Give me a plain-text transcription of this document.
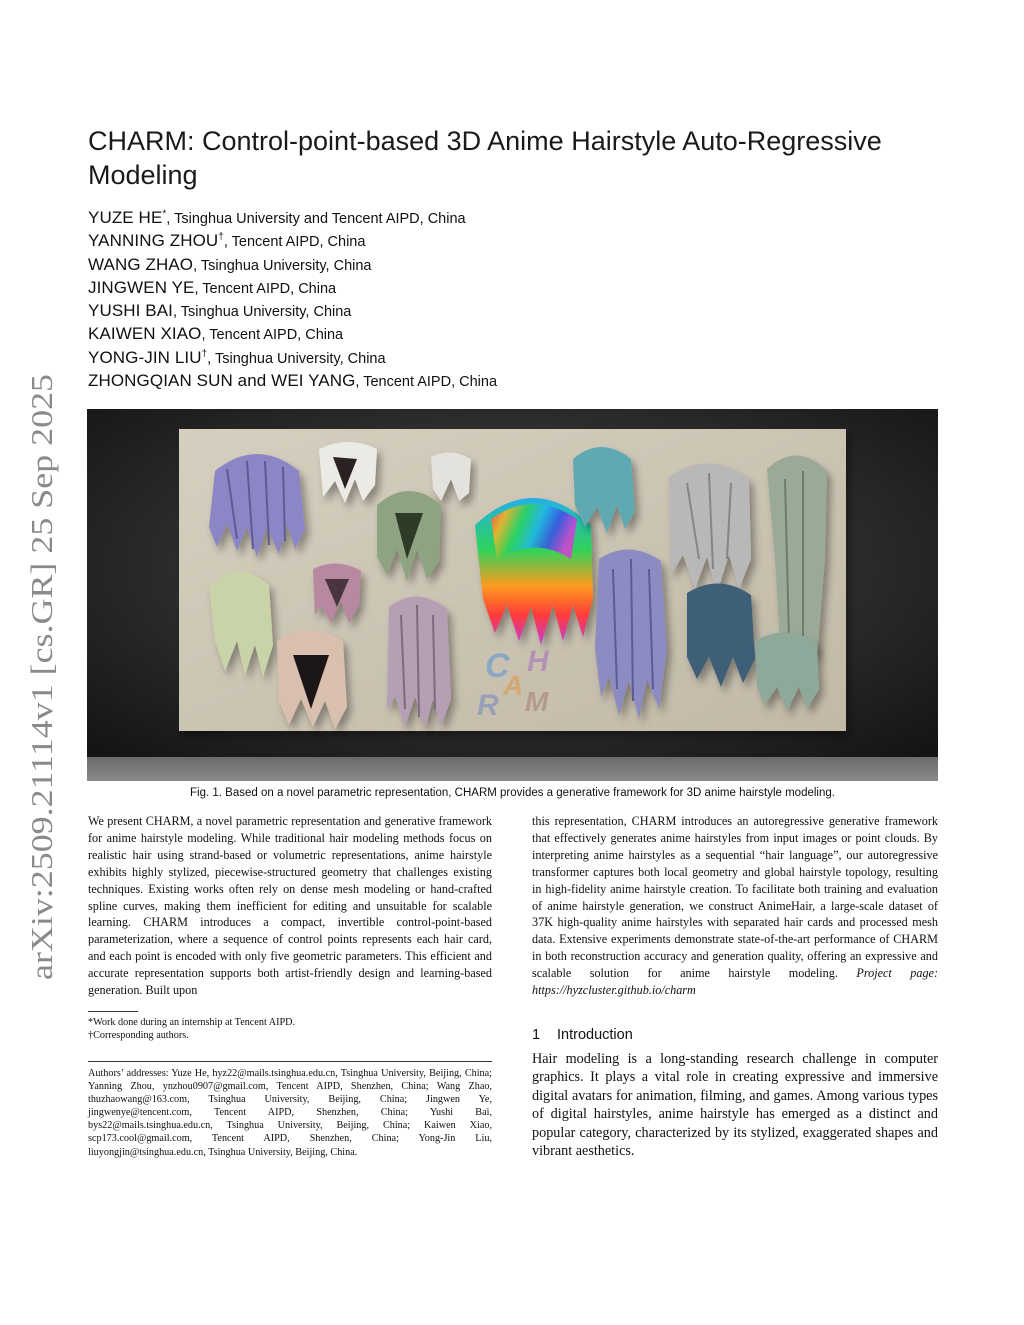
arXiv:2509.21114v1 [cs.GR] 25 Sep 2025
CHARM: Control-point-based 3D Anime Hairstyle Auto-Regressive Modeling
YUZE HE*, Tsinghua University and Tencent AIPD, China
YANNING ZHOU†, Tencent AIPD, China
WANG ZHAO, Tsinghua University, China
JINGWEN YE, Tencent AIPD, China
YUSHI BAI, Tsinghua University, China
KAIWEN XIAO, Tencent AIPD, China
YONG-JIN LIU†, Tsinghua University, China
ZHONGQIAN SUN and WEI YANG, Tencent AIPD, China
C H
A
R M
Fig. 1. Based on a novel parametric representation, CHARM provides a generative framework for 3D anime hairstyle modeling.

We present CHARM, a novel parametric representation and generative framework for anime hairstyle modeling. While traditional hair modeling methods focus on realistic hair using strand-based or volumetric representations, anime hairstyle exhibits highly stylized, piecewise-structured geometry that challenges existing techniques. Existing works often rely on dense mesh modeling or hand-crafted spline curves, making them inefficient for editing and unsuitable for scalable learning. CHARM introduces a compact, invertible control-point-based parameterization, where a sequence of control points represents each hair card, and each point is encoded with only five geometric parameters. This efficient and accurate representation supports both artist-friendly design and learning-based generation. Built upon

this representation, CHARM introduces an autoregressive generative framework that effectively generates anime hairstyles from input images or point clouds. By interpreting anime hairstyles as a sequential “hair language”, our autoregressive transformer captures both local geometry and global hairstyle topology, resulting in high-fidelity anime hairstyle creation. To facilitate both training and evaluation of anime hairstyle generation, we construct AnimeHair, a large-scale dataset of 37K high-quality anime hairstyles with separated hair cards and processed mesh data. Extensive experiments demonstrate state-of-the-art performance of CHARM in both reconstruction accuracy and generation quality, offering an expressive and scalable solution for anime hairstyle modeling. Project page: https://hyzcluster.github.io/charm

*Work done during an internship at Tencent AIPD.

†Corresponding authors.

Authors’ addresses: Yuze He, hyz22@mails.tsinghua.edu.cn, Tsinghua University, Beijing, China; Yanning Zhou, ynzhou0907@gmail.com, Tencent AIPD, Shenzhen, China; Wang Zhao, thuzhaowang@163.com, Tsinghua University, Beijing, China; Jingwen Ye, jingwenye@tencent.com, Tencent AIPD, Shenzhen, China; Yushi Bai, bys22@mails.tsinghua.edu.cn, Tsinghua University, Beijing, China; Kaiwen Xiao, scp173.cool@gmail.com, Tencent AIPD, Shenzhen, China; Yong-Jin Liu, liuyongjin@tsinghua.edu.cn, Tsinghua University, Beijing, China.
1 Introduction
Hair modeling is a long-standing research challenge in computer graphics. It plays a vital role in creating expressive and immersive digital avatars for animation, filming, and games. Among various types of digital hairstyles, anime hairstyle has emerged as a distinct and popular category, characterized by its stylized, exaggerated shapes and vibrant aesthetics.
